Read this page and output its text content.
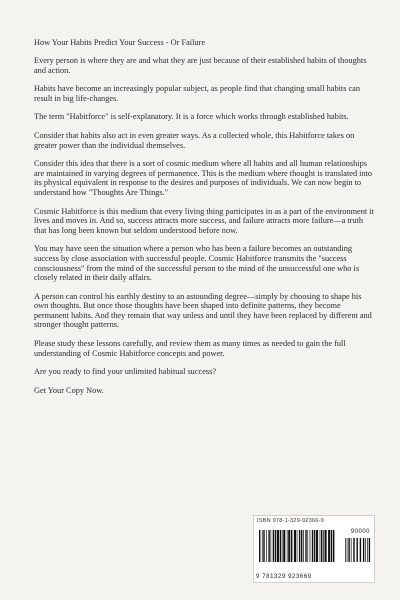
How Your Habits Predict Your Success - Or Failure

Every person is where they are and what they are just because of their established habits of thoughts and action.

Habits have become an increasingly popular subject, as people find that changing small habits can result in big life-changes.

The term "Habitforce" is self-explanatory. It is a force which works through established habits.

Consider that habits also act in even greater ways. As a collected whole, this Habitforce takes on greater power than the individual themselves.

Consider this idea that there is a sort of cosmic medium where all habits and all human relationships are maintained in varying degrees of permanence. This is the medium where thought is translated into its physical equivalent in response to the desires and purposes of individuals. We can now begin to understand how "Thoughts Are Things."

Cosmic Habitforce is this medium that every living thing participates in as a part of the environment it lives and moves in. And so, success attracts more success, and failure attracts more failure—a truth that has long been known but seldom understood before now.

You may have seen the situation where a person who has been a failure becomes an outstanding success by close association with successful people. Cosmic Habitforce transmits the "success consciousness" from the mind of the successful person to the mind of the unsuccessful one who is closely related in their daily affairs.

A person can control his earthly destiny to an astounding degree—simply by choosing to shape his own thoughts. But once those thoughts have been shaped into definite patterns, they become permanent habits. And they remain that way unless and until they have been replaced by different and stronger thought patterns.

Please study these lessons carefully, and review them as many times as needed to gain the full understanding of Cosmic Habitforce concepts and power.

Are you ready to find your unlimited habitual success?

Get Your Copy Now.

ISBN 978-1-329-92366-9
90000
9 781329 923669
